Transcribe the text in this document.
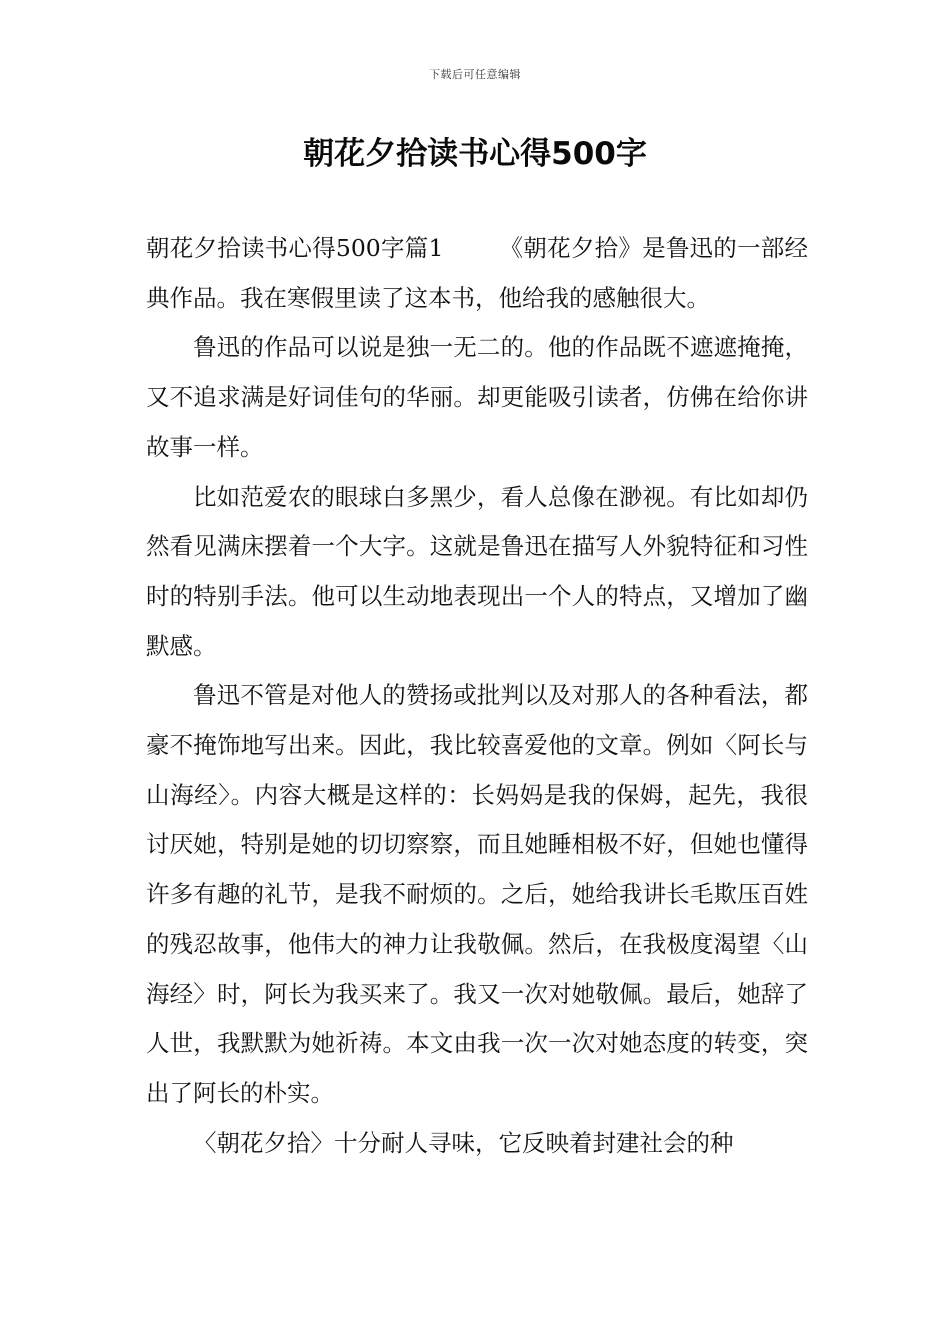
下载后可任意编辑
朝花夕拾读书心得500字

朝花夕拾读书心得500字篇1 《朝花夕拾》是鲁迅的一部经典作品。我在寒假里读了这本书，他给我的感触很大。

鲁迅的作品可以说是独一无二的。他的作品既不遮遮掩掩，又不追求满是好词佳句的华丽。却更能吸引读者，仿佛在给你讲故事一样。

比如范爱农的眼球白多黑少，看人总像在渺视。有比如却仍然看见满床摆着一个大字。这就是鲁迅在描写人外貌特征和习性时的特别手法。他可以生动地表现出一个人的特点，又增加了幽默感。

鲁迅不管是对他人的赞扬或批判以及对那人的各种看法，都豪不掩饰地写出来。因此，我比较喜爱他的文章。例如〈阿长与山海经〉。内容大概是这样的：长妈妈是我的保姆，起先，我很讨厌她，特别是她的切切察察，而且她睡相极不好，但她也懂得许多有趣的礼节，是我不耐烦的。之后，她给我讲长毛欺压百姓的残忍故事，他伟大的神力让我敬佩。然后，在我极度渴望〈山海经〉时，阿长为我买来了。我又一次对她敬佩。最后，她辞了人世，我默默为她祈祷。本文由我一次一次对她态度的转变，突出了阿长的朴实。

〈朝花夕拾〉十分耐人寻味，它反映着封建社会的种
